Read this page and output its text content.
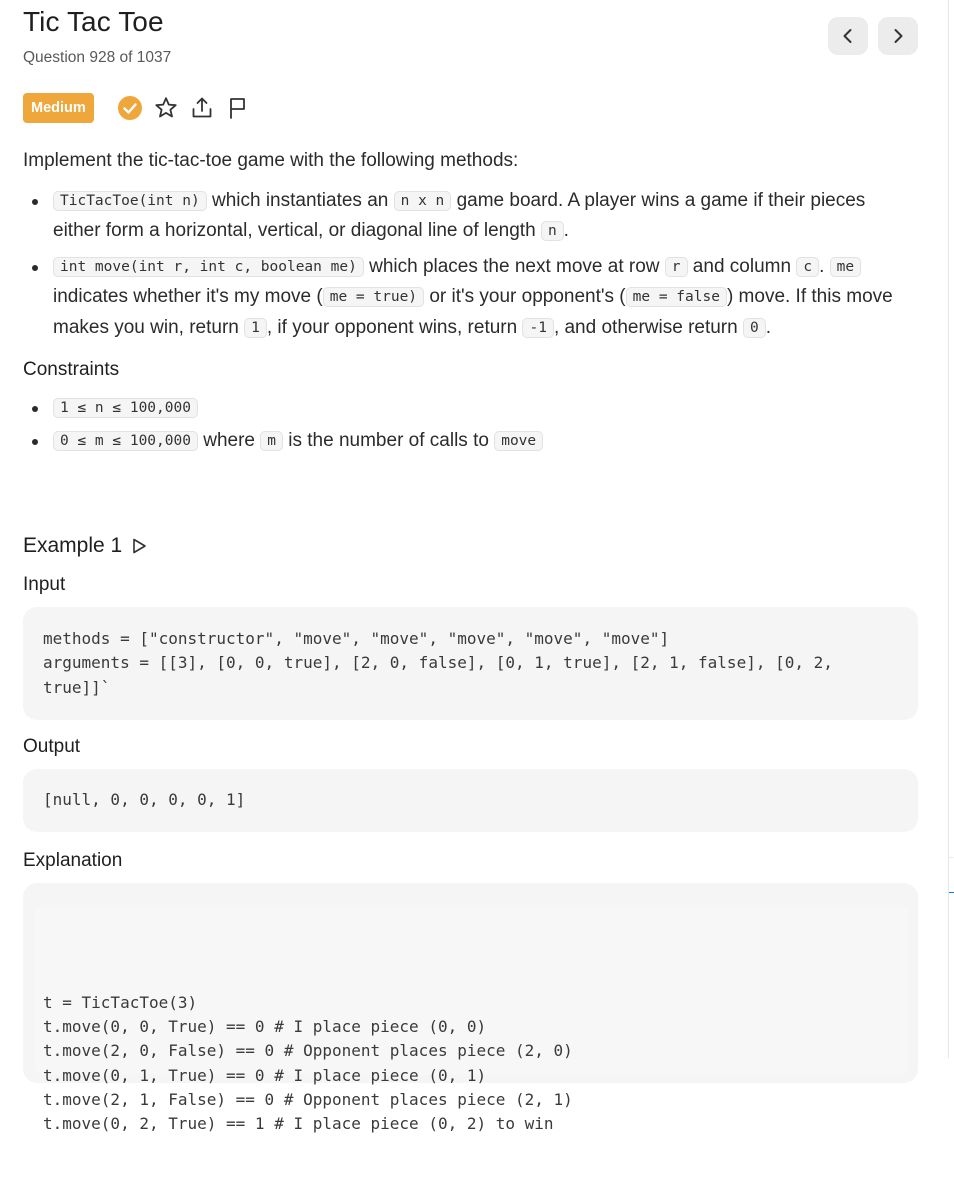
Tic Tac Toe
Question 928 of 1037
Medium

Implement the tic-tac-toe game with the following methods:

TicTacToe(int n) which instantiates an n x n game board. A player wins a game if their pieces either form a horizontal, vertical, or diagonal line of length n .
int move(int r, int c, boolean me) which places the next move at row r and column c . me indicates whether it's my move ( me = true) or it's your opponent's ( me = false ) move. If this move makes you win, return 1 , if your opponent wins, return -1 , and otherwise return 0 .

Constraints

1 ≤ n ≤ 100,000
0 ≤ m ≤ 100,000 where m is the number of calls to move
Example 1
Input
methods = ["constructor", "move", "move", "move", "move", "move"]
arguments = [[3], [0, 0, true], [2, 0, false], [0, 1, true], [2, 1, false], [0, 2,
true]]`
Output
[null, 0, 0, 0, 0, 1]
Explanation

t = TicTacToe(3)
t.move(0, 0, True) == 0 # I place piece (0, 0)
t.move(2, 0, False) == 0 # Opponent places piece (2, 0)
t.move(0, 1, True) == 0 # I place piece (0, 1)
t.move(2, 1, False) == 0 # Opponent places piece (2, 1)
t.move(0, 2, True) == 1 # I place piece (0, 2) to win
